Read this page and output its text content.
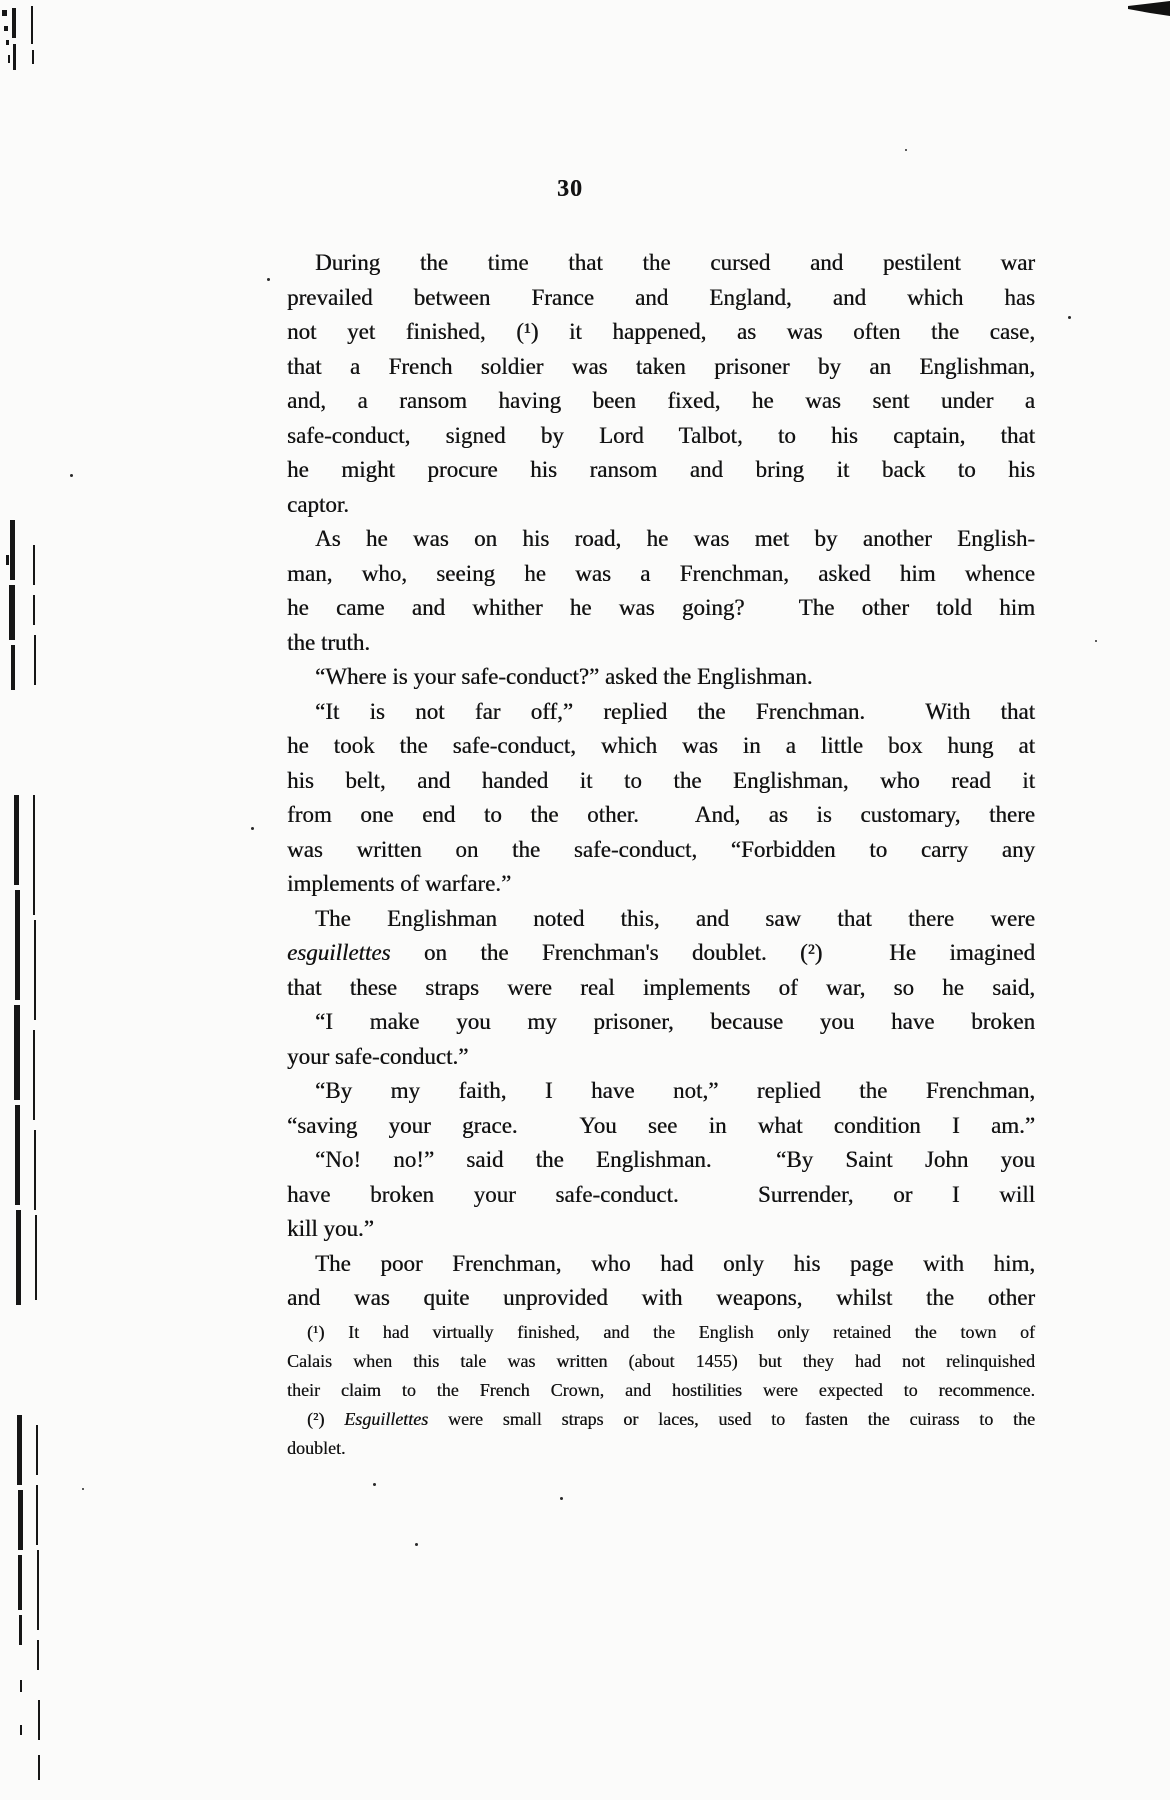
30
During the time that the cursed and pestilent war
prevailed between France and England, and which has
not yet finished, (¹) it happened, as was often the case,
that a French soldier was taken prisoner by an Englishman,
and, a ransom having been fixed, he was sent under a
safe-conduct, signed by Lord Talbot, to his captain, that
he might procure his ransom and bring it back to his
captor.
As he was on his road, he was met by another English-
man, who, seeing he was a Frenchman, asked him whence
he came and whither he was going?  The other told him
the truth.
“Where is your safe-conduct?” asked the Englishman.
“It is not far off,” replied the Frenchman.  With that
he took the safe-conduct, which was in a little box hung at
his belt, and handed it to the Englishman, who read it
from one end to the other.  And, as is customary, there
was written on the safe-conduct, “Forbidden to carry any
implements of warfare.”
The Englishman noted this, and saw that there were
esguillettes on the Frenchman's doublet. (²)  He imagined
that these straps were real implements of war, so he said,
“I make you my prisoner, because you have broken
your safe-conduct.”
“By my faith, I have not,” replied the Frenchman,
“saving your grace.  You see in what condition I am.”
“No! no!” said the Englishman.  “By Saint John you
have broken your safe-conduct.  Surrender, or I will
kill you.”
The poor Frenchman, who had only his page with him,
and was quite unprovided with weapons, whilst the other
(¹) It had virtually finished, and the English only retained the town of
Calais when this tale was written (about 1455) but they had not relinquished
their claim to the French Crown, and hostilities were expected to recommence.
(²) Esguillettes were small straps or laces, used to fasten the cuirass to the
doublet.
